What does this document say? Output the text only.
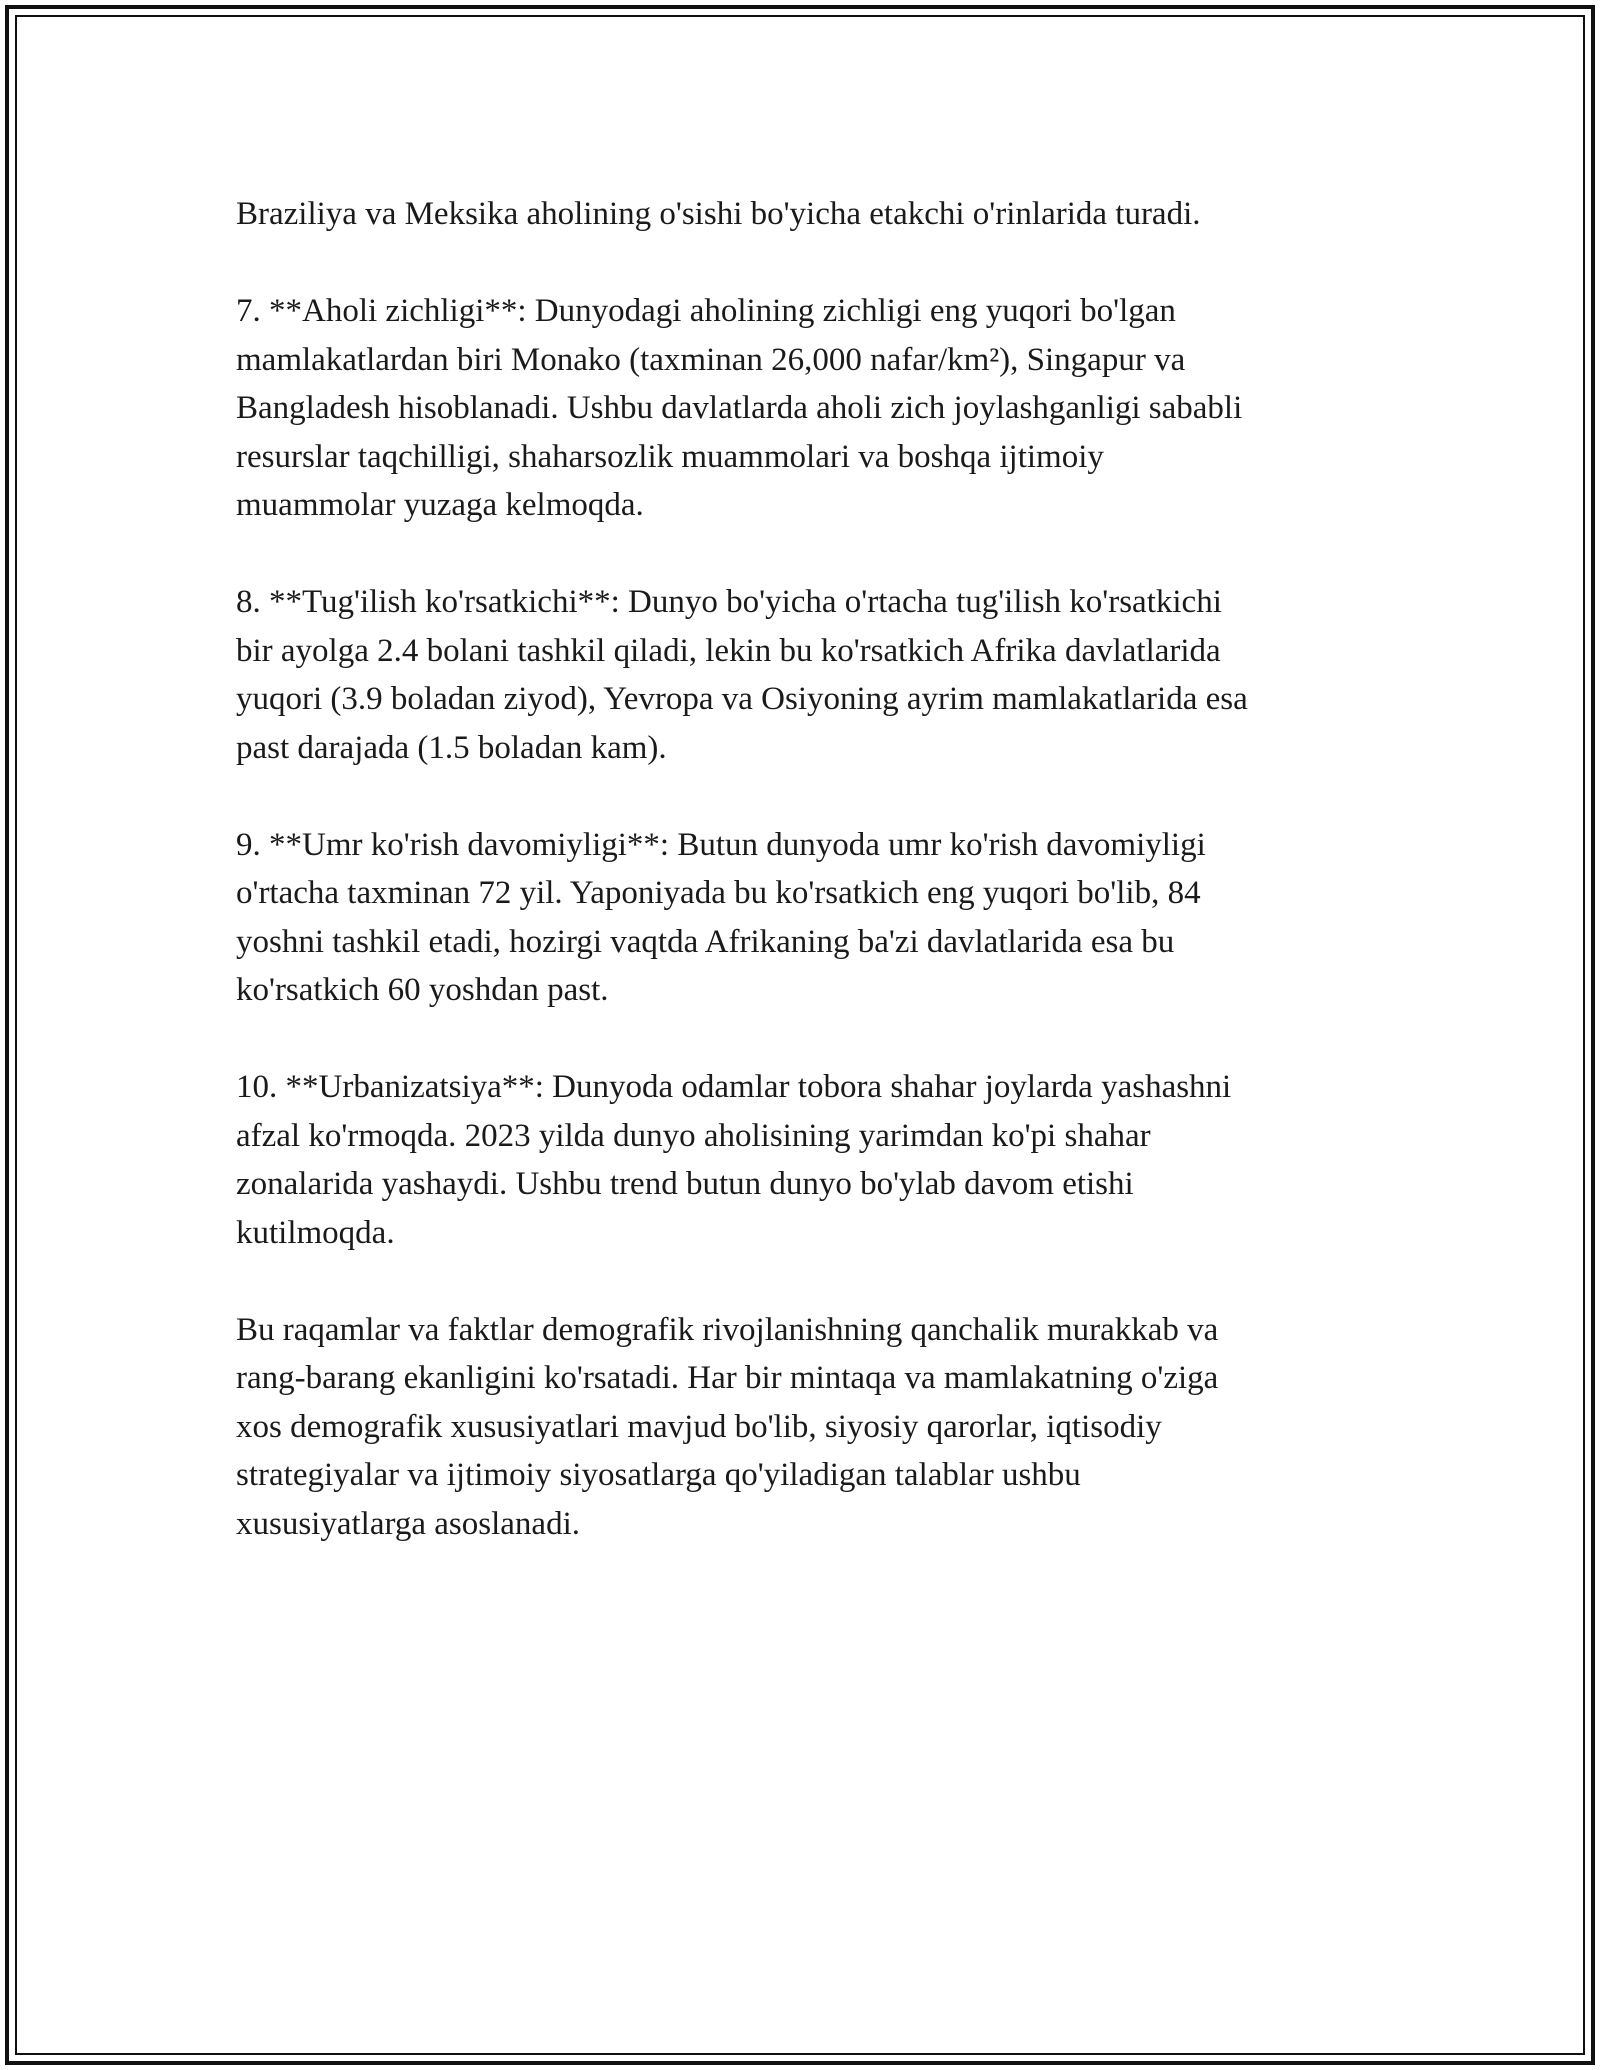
Braziliya va Meksika aholining o'sishi bo'yicha etakchi o'rinlarida turadi.

7. **Aholi zichligi**: Dunyodagi aholining zichligi eng yuqori bo'lgan
mamlakatlardan biri Monako (taxminan 26,000 nafar/km²), Singapur va
Bangladesh hisoblanadi. Ushbu davlatlarda aholi zich joylashganligi sababli
resurslar taqchilligi, shaharsozlik muammolari va boshqa ijtimoiy
muammolar yuzaga kelmoqda.

8. **Tug'ilish ko'rsatkichi**: Dunyo bo'yicha o'rtacha tug'ilish ko'rsatkichi
bir ayolga 2.4 bolani tashkil qiladi, lekin bu ko'rsatkich Afrika davlatlarida
yuqori (3.9 boladan ziyod), Yevropa va Osiyoning ayrim mamlakatlarida esa
past darajada (1.5 boladan kam).

9. **Umr ko'rish davomiyligi**: Butun dunyoda umr ko'rish davomiyligi
o'rtacha taxminan 72 yil. Yaponiyada bu ko'rsatkich eng yuqori bo'lib, 84
yoshni tashkil etadi, hozirgi vaqtda Afrikaning ba'zi davlatlarida esa bu
ko'rsatkich 60 yoshdan past.

10. **Urbanizatsiya**: Dunyoda odamlar tobora shahar joylarda yashashni
afzal ko'rmoqda. 2023 yilda dunyo aholisining yarimdan ko'pi shahar
zonalarida yashaydi. Ushbu trend butun dunyo bo'ylab davom etishi
kutilmoqda.

Bu raqamlar va faktlar demografik rivojlanishning qanchalik murakkab va
rang-barang ekanligini ko'rsatadi. Har bir mintaqa va mamlakatning o'ziga
xos demografik xususiyatlari mavjud bo'lib, siyosiy qarorlar, iqtisodiy
strategiyalar va ijtimoiy siyosatlarga qo'yiladigan talablar ushbu
xususiyatlarga asoslanadi.
